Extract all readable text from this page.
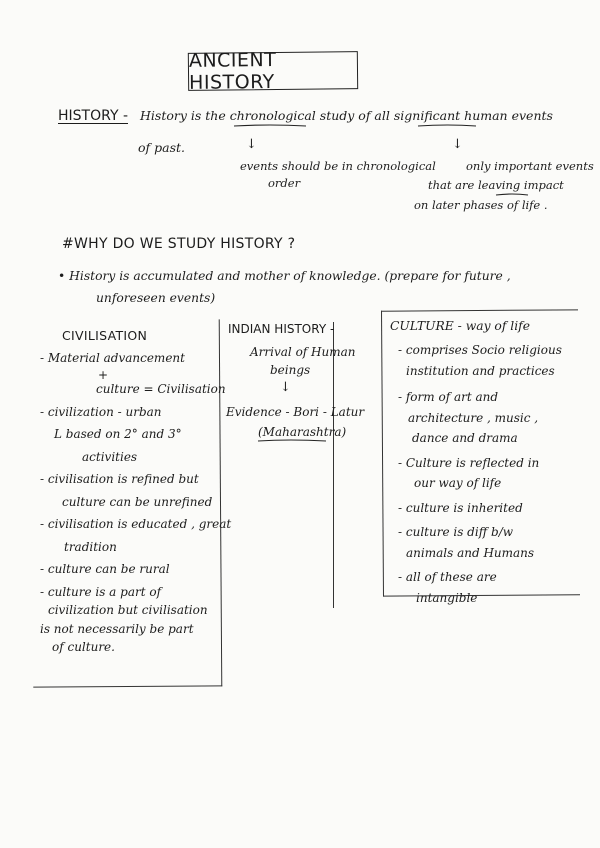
ANCIENT HISTORY
HISTORY - History is the chronological study of all significant human events
of past.	↓
events should be in chronological
order
↓
only important events
that are leaving impact
on later phases of life .
#WHY DO WE STUDY HISTORY ?
• History is accumulated and mother of knowledge. (prepare for future ,
unforeseen events)
CIVILISATION
- Material advancement
+
culture = Civilisation
- civilization - urban
L based on 2° and 3°
activities
- civilisation is refined but
culture can be unrefined
- civilisation is educated , great
tradition
- culture can be rural
- culture is a part of
civilization but civilisation
is not necessarily be part
of culture.
INDIAN HISTORY -
Arrival of Human
beings
↓
Evidence - Bori - Latur
(Maharashtra)
CULTURE - way of life
- comprises Socio religious
institution and practices
- form of art and
architecture , music ,
dance and drama
- Culture is reflected in
our way of life
- culture is inherited
- culture is diff b/w
animals and Humans
- all of these are
intangible
